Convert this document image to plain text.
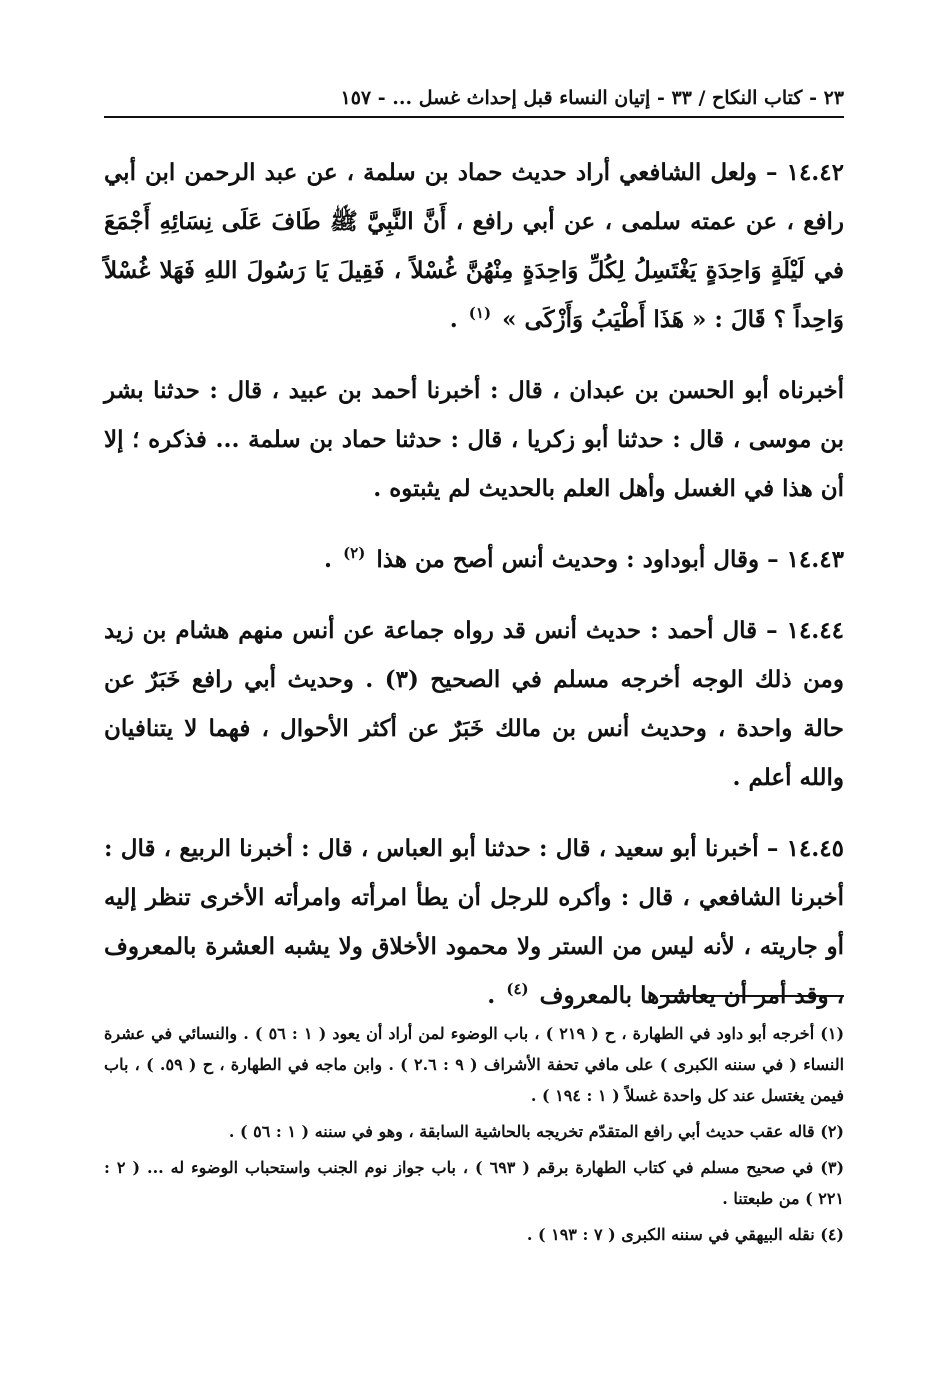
٢٣ - كتاب النكاح / ٣٣ - إتيان النساء قبل إحداث غسل ... - ١٥٧

١٤.٤٢ – ولعل الشافعي أراد حديث حماد بن سلمة ، عن عبد الرحمن ابن أبي رافع ، عن عمته سلمى ، عن أبي رافع ، أَنَّ النَّبِيَّ ﷺ طَافَ عَلَى نِسَائِهِ أَجْمَعَ في لَيْلَةٍ وَاحِدَةٍ يَغْتَسِلُ لِكُلِّ وَاحِدَةٍ مِنْهُنَّ غُسْلاً ، فَقِيلَ يَا رَسُولَ اللهِ فَهَلا غُسْلاً وَاحِداً ؟ قَالَ : « هَذَا أَطْيَبُ وَأَزْكَى » $^{(١)}$ .

أخبرناه أبو الحسن بن عبدان ، قال : أخبرنا أحمد بن عبيد ، قال : حدثنا بشر بن موسى ، قال : حدثنا أبو زكريا ، قال : حدثنا حماد بن سلمة ... فذكره ؛ إلا أن هذا في الغسل وأهل العلم بالحديث لم يثبتوه .

١٤.٤٣ – وقال أبوداود : وحديث أنس أصح من هذا $^{(٢)}$ .

١٤.٤٤ – قال أحمد : حديث أنس قد رواه جماعة عن أنس منهم هشام بن زيد ومن ذلك الوجه أخرجه مسلم في الصحيح (٣) . وحديث أبي رافع خَبَرٌ عن حالة واحدة ، وحديث أنس بن مالك خَبَرٌ عن أكثر الأحوال ، فهما لا يتنافيان والله أعلم .

١٤.٤٥ – أخبرنا أبو سعيد ، قال : حدثنا أبو العباس ، قال : أخبرنا الربيع ، قال : أخبرنا الشافعي ، قال : وأكره للرجل أن يطأ امرأته وامرأته الأخرى تنظر إليه أو جاريته ، لأنه ليس من الستر ولا محمود الأخلاق ولا يشبه العشرة بالمعروف ، وقد أمر أن يعاشرها بالمعروف $^{(٤)}$ .

(١) أخرجه أبو داود في الطهارة ، ح ( ٢١٩ ) ، باب الوضوء لمن أراد أن يعود ( ١ : ٥٦ ) . والنسائي في عشرة النساء ( في سننه الكبرى ) على مافي تحفة الأشراف ( ٩ : ٢.٦ ) . وابن ماجه في الطهارة ، ح ( ٥٩. ) ، باب فيمن يغتسل عند كل واحدة غسلاً ( ١ : ١٩٤ ) .

(٢) قاله عقب حديث أبي رافع المتقدّم تخريجه بالحاشية السابقة ، وهو في سننه ( ١ : ٥٦ ) .

(٣) في صحيح مسلم في كتاب الطهارة برقم ( ٦٩٣ ) ، باب جواز نوم الجنب واستحباب الوضوء له ... ( ٢ : ٢٢١ ) من طبعتنا .

(٤) نقله البيهقي في سننه الكبرى ( ٧ : ١٩٣ ) .
